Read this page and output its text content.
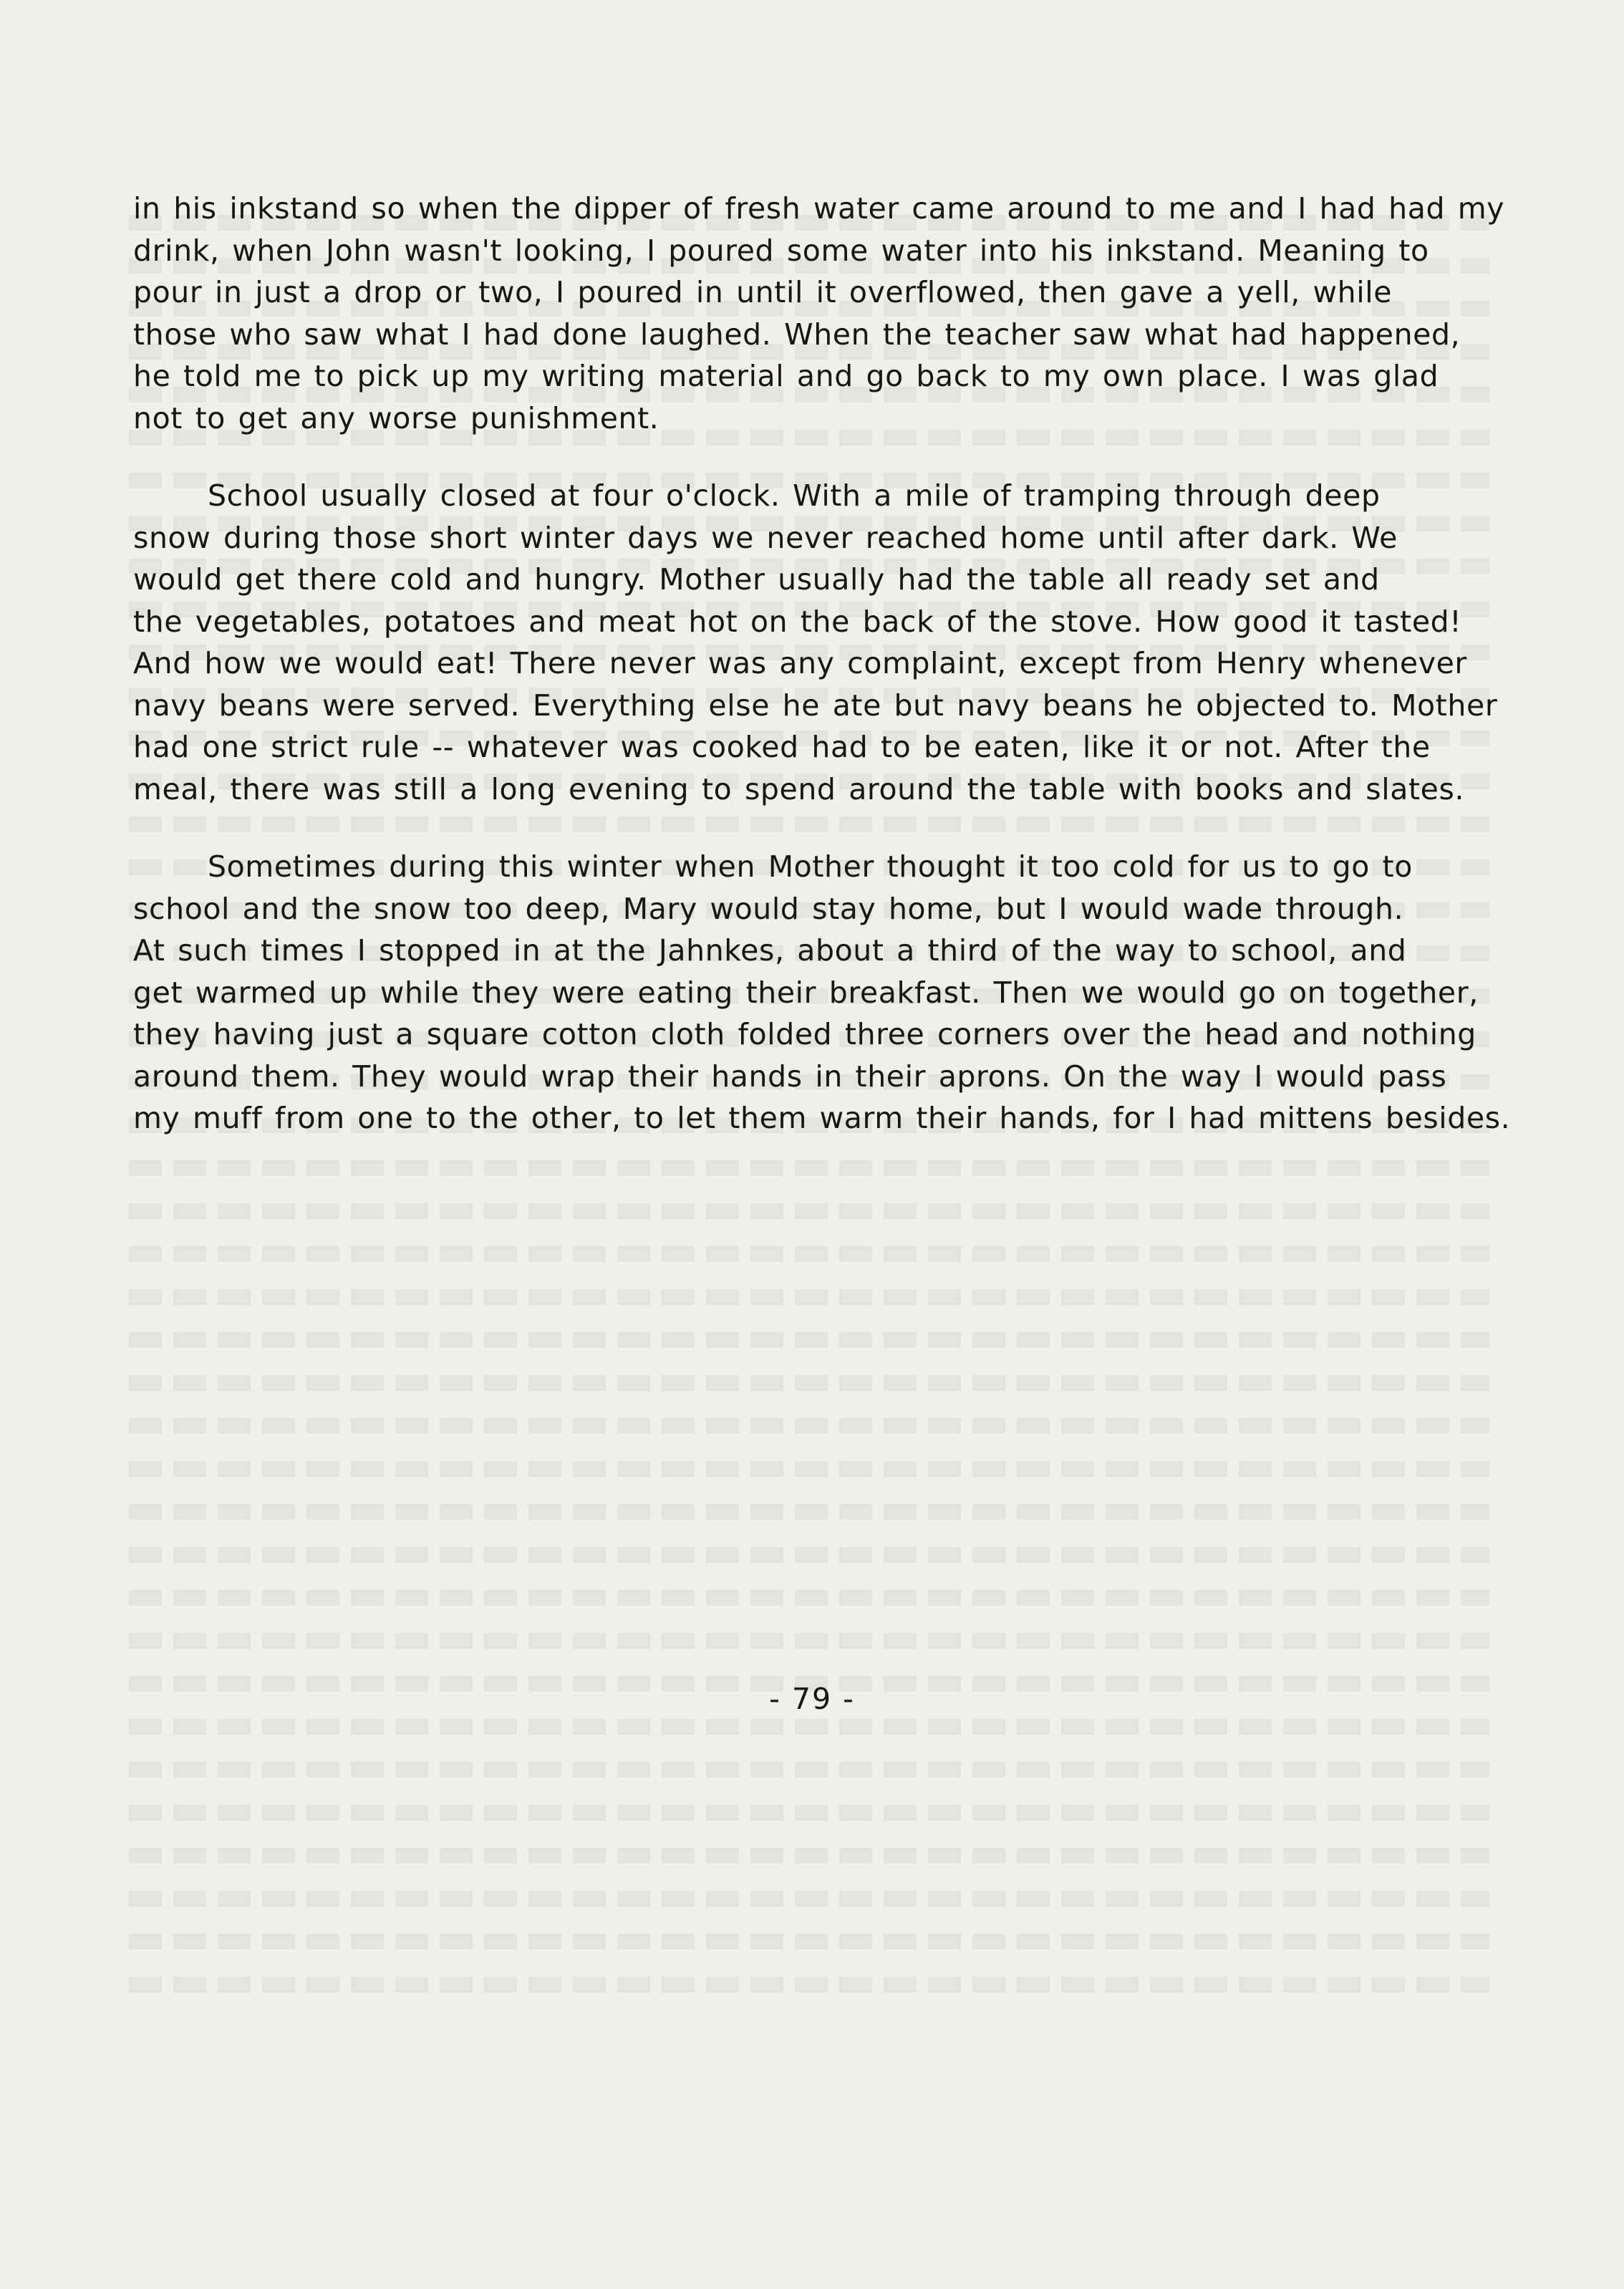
in his inkstand so when the dipper of fresh water came around to me and I had had my
drink, when John wasn't looking, I poured some water into his inkstand. Meaning to
pour in just a drop or two, I poured in until it overflowed, then gave a yell, while
those who saw what I had done laughed. When the teacher saw what had happened,
he told me to pick up my writing material and go back to my own place. I was glad
not to get any worse punishment.
School usually closed at four o'clock. With a mile of tramping through deep
snow during those short winter days we never reached home until after dark. We
would get there cold and hungry. Mother usually had the table all ready set and
the vegetables, potatoes and meat hot on the back of the stove. How good it tasted!
And how we would eat! There never was any complaint, except from Henry whenever
navy beans were served. Everything else he ate but navy beans he objected to. Mother
had one strict rule -- whatever was cooked had to be eaten, like it or not. After the
meal, there was still a long evening to spend around the table with books and slates.
Sometimes during this winter when Mother thought it too cold for us to go to
school and the snow too deep, Mary would stay home, but I would wade through.
At such times I stopped in at the Jahnkes, about a third of the way to school, and
get warmed up while they were eating their breakfast. Then we would go on together,
they having just a square cotton cloth folded three corners over the head and nothing
around them. They would wrap their hands in their aprons. On the way I would pass
my muff from one to the other, to let them warm their hands, for I had mittens besides.
- 79 -
